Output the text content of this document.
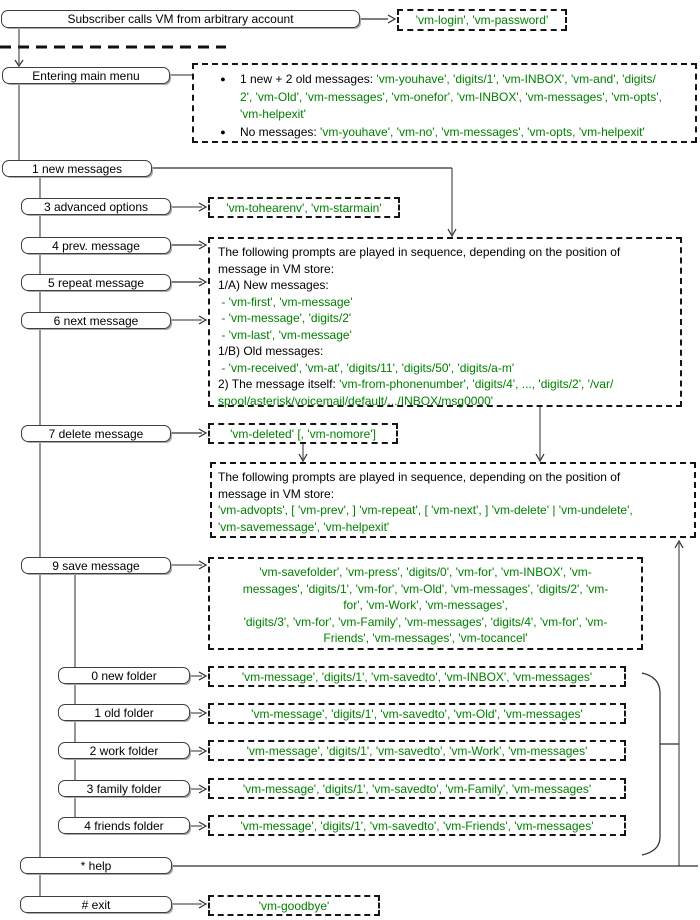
Subscriber calls VM from arbitrary account
Entering main menu
1 new messages
3 advanced options
4 prev. message
5 repeat message
6 next message
7 delete message
9 save message
0 new folder
1 old folder
2 work folder
3 family folder
4 friends folder
* help
# exit
'vm-login', 'vm-password'
●	1 new + 2 old messages: 'vm-youhave', 'digits/1', 'vm-INBOX', 'vm-and', 'digits/
2', 'vm-Old', 'vm-messages', 'vm-onefor', 'vm-INBOX', 'vm-messages', 'vm-opts',
'vm-helpexit'
●	No messages: 'vm-youhave', 'vm-no', 'vm-messages', 'vm-opts, 'vm-helpexit'
'vm-tohearenv', 'vm-starmain'
The following prompts are played in sequence, depending on the position of
message in VM store:
1/A) New messages:
- 'vm-first', 'vm-message'
- 'vm-message', 'digits/2'
- 'vm-last', 'vm-message'
1/B) Old messages:
- 'vm-received', 'vm-at', 'digits/11', 'digits/50', 'digits/a-m'
2) The message itself: 'vm-from-phonenumber', 'digits/4', ..., 'digits/2', '/var/
spool/asterisk/voicemail/default/.../INBOX/msg0000'
'vm-deleted' [, 'vm-nomore']
The following prompts are played in sequence, depending on the position of
message in VM store:
'vm-advopts', [ 'vm-prev', ] 'vm-repeat', [ 'vm-next', ] 'vm-delete' | 'vm-undelete',
'vm-savemessage', 'vm-helpexit'
'vm-savefolder', 'vm-press', 'digits/0', 'vm-for', 'vm-INBOX', 'vm-
messages', 'digits/1', 'vm-for', 'vm-Old', 'vm-messages', 'digits/2', 'vm-
for', 'vm-Work', 'vm-messages',
'digits/3', 'vm-for', 'vm-Family', 'vm-messages', 'digits/4', 'vm-for', 'vm-
Friends', 'vm-messages', 'vm-tocancel'
'vm-message', 'digits/1', 'vm-savedto', 'vm-INBOX', 'vm-messages'
'vm-message', 'digits/1', 'vm-savedto', 'vm-Old', 'vm-messages'
'vm-message', 'digits/1', 'vm-savedto', 'vm-Work', 'vm-messages'
'vm-message', 'digits/1', 'vm-savedto', 'vm-Family', 'vm-messages'
'vm-message', 'digits/1', 'vm-savedto', 'vm-Friends', 'vm-messages'
'vm-goodbye'
